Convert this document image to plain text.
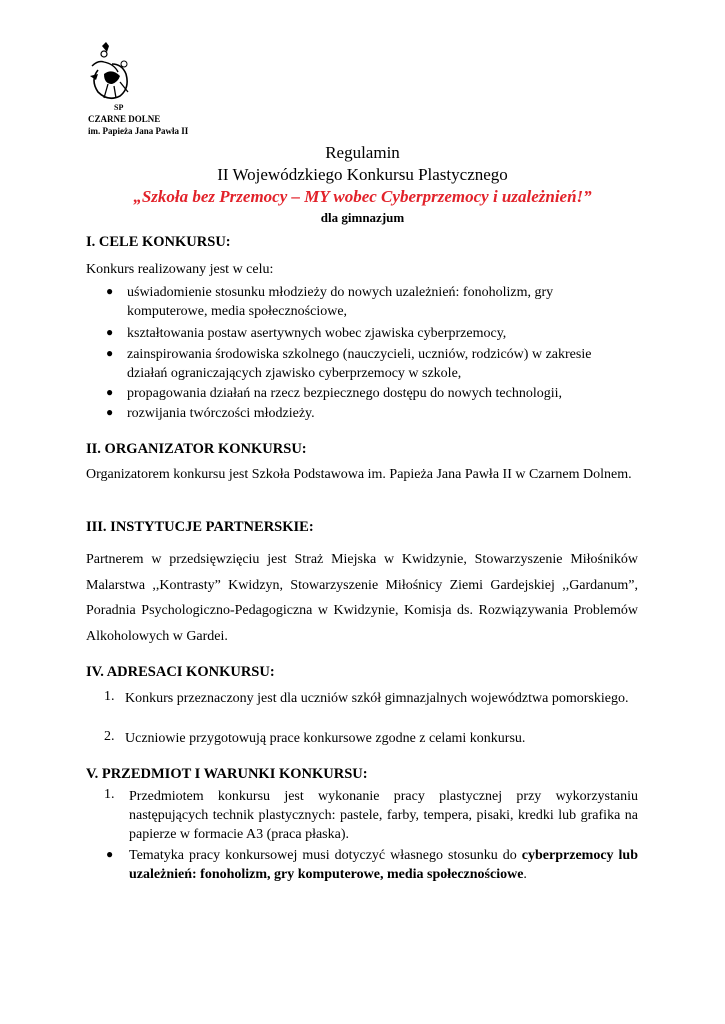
SP
CZARNE DOLNE
im. Papieża Jana Pawła II
Regulamin
II Wojewódzkiego Konkursu Plastycznego
„Szkoła bez Przemocy – MY wobec Cyberprzemocy i uzależnień!”
dla gimnazjum
I. CELE KONKURSU:
Konkurs realizowany jest w celu:
● uświadomienie stosunku młodzieży do nowych uzależnień: fonoholizm, gry komputerowe, media społecznościowe,
● kształtowania postaw asertywnych wobec zjawiska cyberprzemocy,
● zainspirowania środowiska szkolnego (nauczycieli, uczniów, rodziców) w zakresie działań ograniczających zjawisko cyberprzemocy w szkole,
● propagowania działań na rzecz bezpiecznego dostępu do nowych technologii,
● rozwijania twórczości młodzieży.
II. ORGANIZATOR KONKURSU:
Organizatorem konkursu jest Szkoła Podstawowa im. Papieża Jana Pawła II w Czarnem Dolnem.
III. INSTYTUCJE PARTNERSKIE:
Partnerem w przedsięwzięciu jest Straż Miejska w Kwidzynie, Stowarzyszenie Miłośników Malarstwa ,,Kontrasty” Kwidzyn, Stowarzyszenie Miłośnicy Ziemi Gardejskiej ,,Gardanum”, Poradnia Psychologiczno-Pedagogiczna w Kwidzynie, Komisja ds. Rozwiązywania Problemów Alkoholowych w Gardei.
IV. ADRESACI KONKURSU:
1. Konkurs przeznaczony jest dla uczniów szkół gimnazjalnych województwa pomorskiego.
2. Uczniowie przygotowują prace konkursowe zgodne z celami konkursu.
V. PRZEDMIOT I WARUNKI KONKURSU:
1. Przedmiotem konkursu jest wykonanie pracy plastycznej przy wykorzystaniu następujących technik plastycznych: pastele, farby, tempera, pisaki, kredki lub grafika na papierze w formacie A3 (praca płaska).
● Tematyka pracy konkursowej musi dotyczyć własnego stosunku do cyberprzemocy lub uzależnień: fonoholizm, gry komputerowe, media społecznościowe.
